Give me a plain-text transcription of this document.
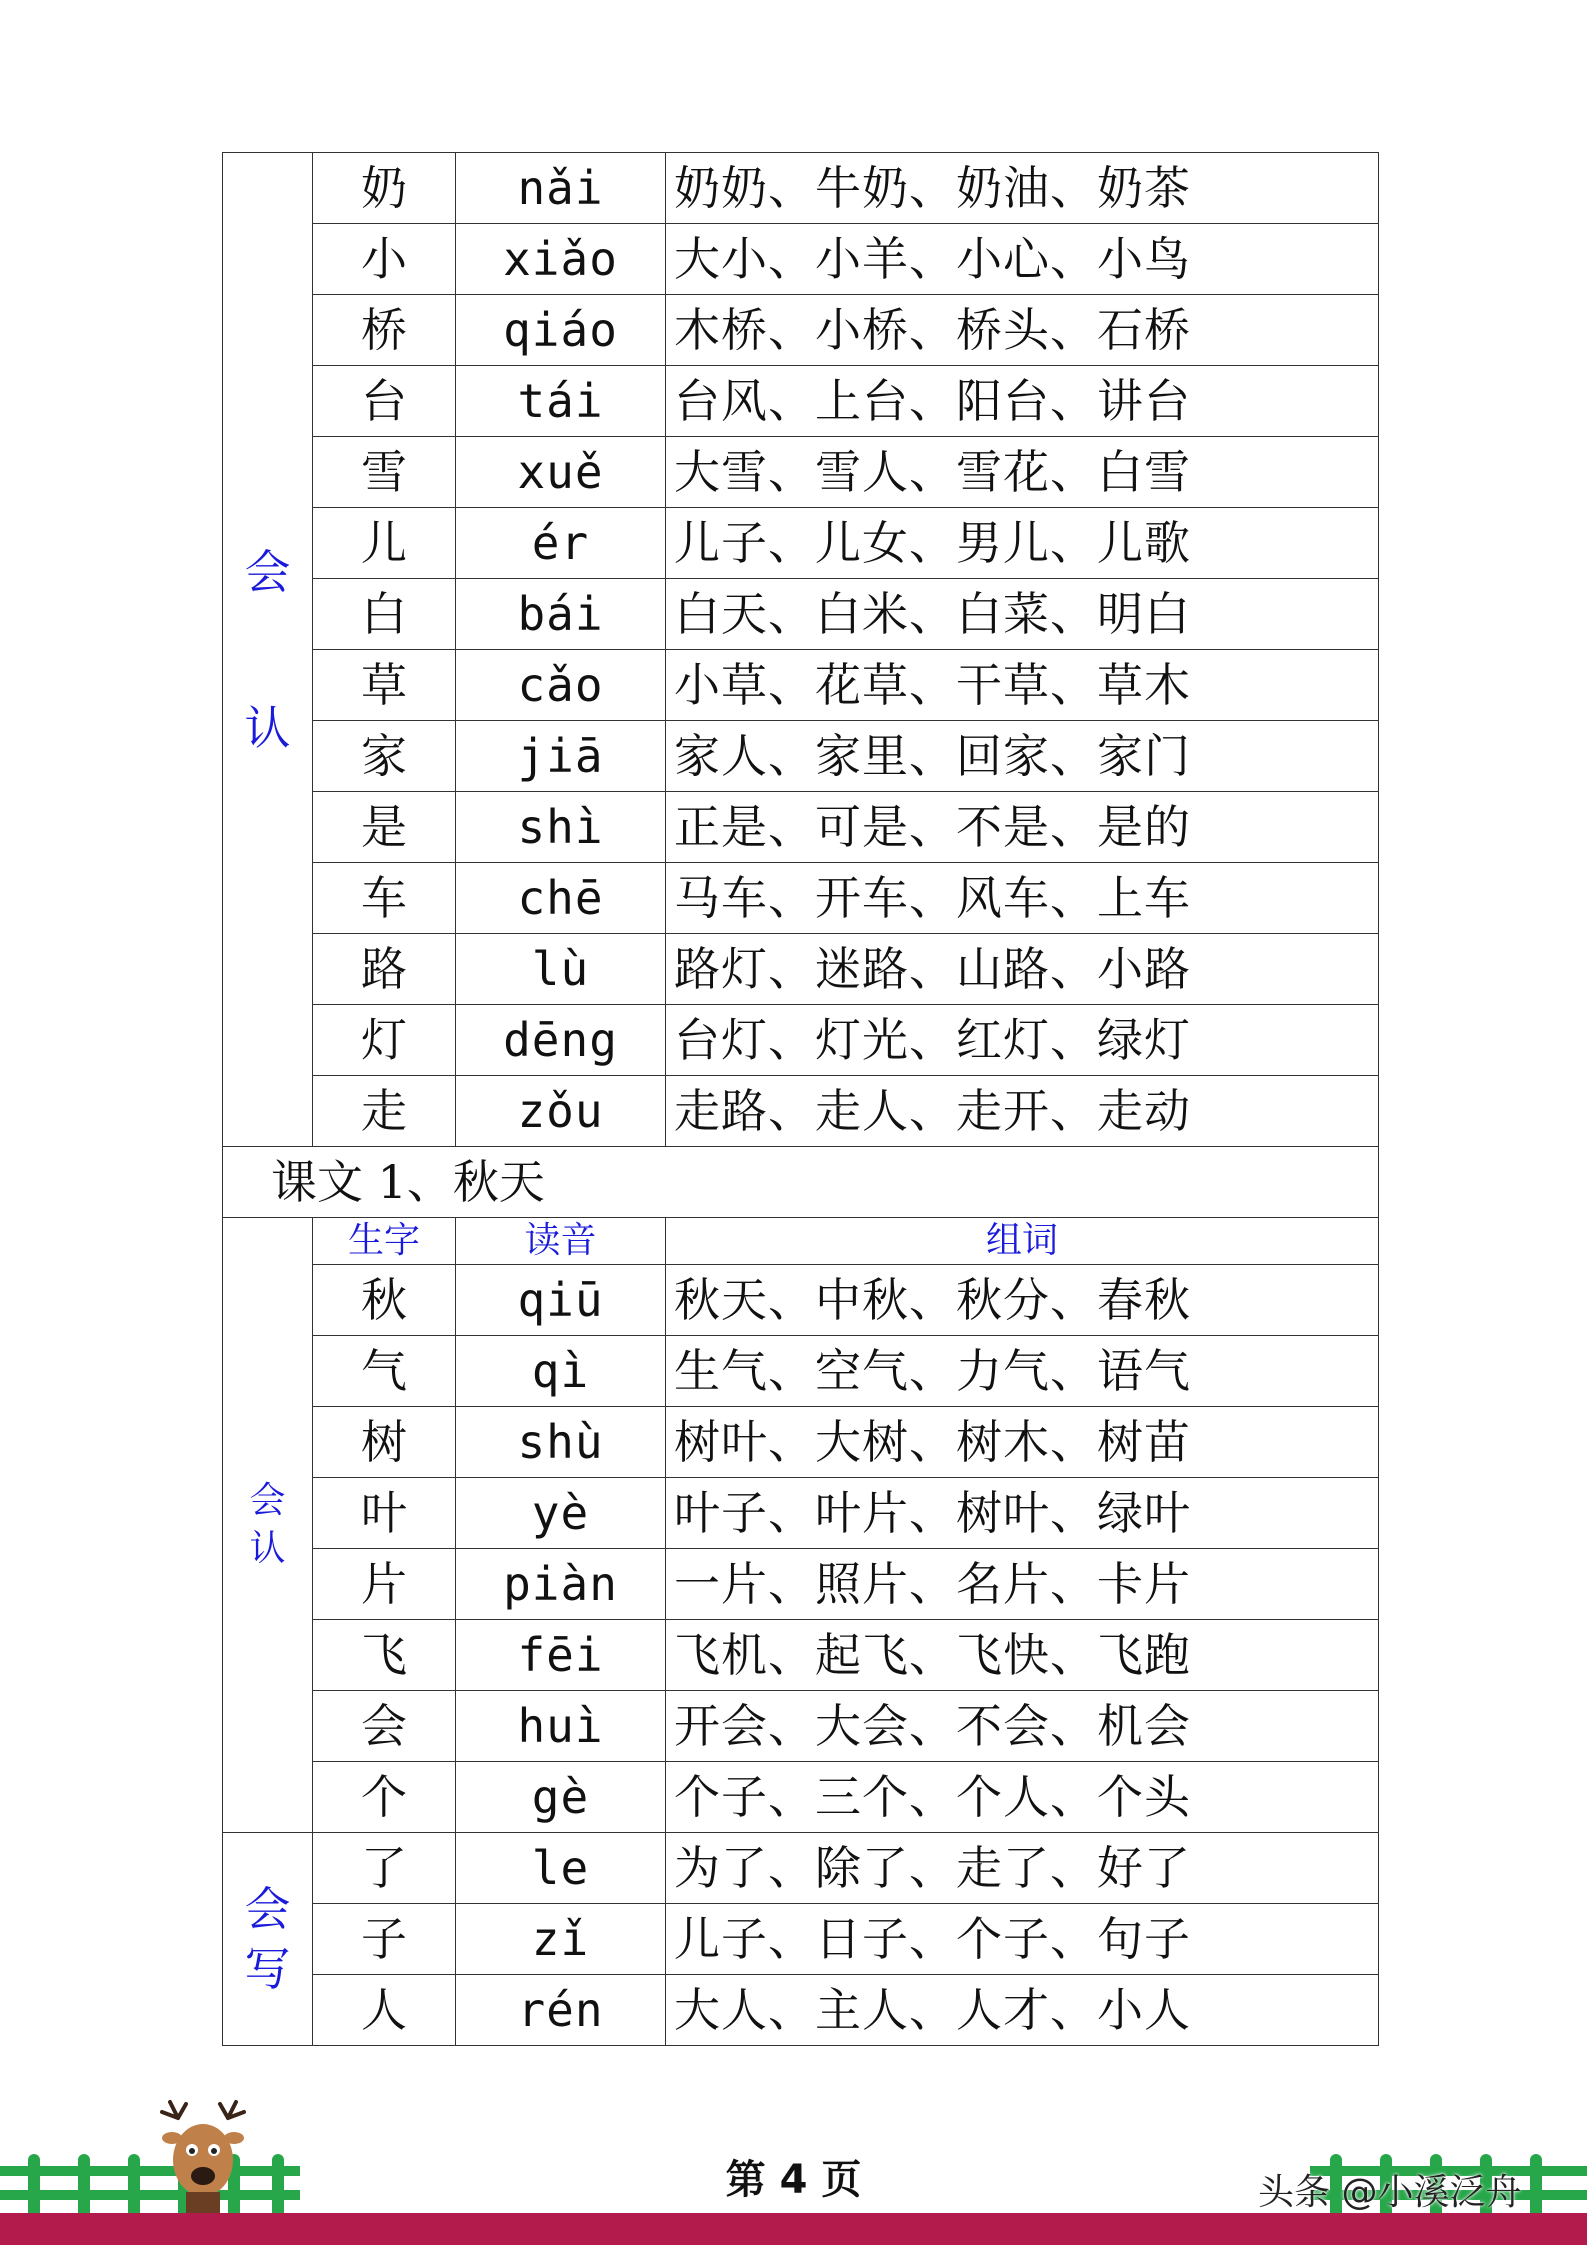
会
认	奶	nǎi	奶奶、牛奶、奶油、奶茶
	小	xiǎo	大小、小羊、小心、小鸟
	桥	qiáo	木桥、小桥、桥头、石桥
	台	tái	台风、上台、阳台、讲台
	雪	xuě	大雪、雪人、雪花、白雪
	儿	ér	儿子、儿女、男儿、儿歌
	白	bái	白天、白米、白菜、明白
	草	cǎo	小草、花草、干草、草木
	家	jiā	家人、家里、回家、家门
	是	shì	正是、可是、不是、是的
	车	chē	马车、开车、风车、上车
	路	lù	路灯、迷路、山路、小路
	灯	dēng	台灯、灯光、红灯、绿灯
	走	zǒu	走路、走人、走开、走动
课文 1、秋天			

会
认	生字	读音	组词
	秋	qiū	秋天、中秋、秋分、春秋
	气	qì	生气、空气、力气、语气
	树	shù	树叶、大树、树木、树苗
	叶	yè	叶子、叶片、树叶、绿叶
	片	piàn	一片、照片、名片、卡片
	飞	fēi	飞机、起飞、飞快、飞跑
	会	huì	开会、大会、不会、机会
	个	gè	个子、三个、个人、个头

会
写	了	le	为了、除了、走了、好了
	子	zǐ	儿子、日子、个子、句子
	人	rén	大人、主人、人才、小人
第 4 页	头条 @小溪泛舟
